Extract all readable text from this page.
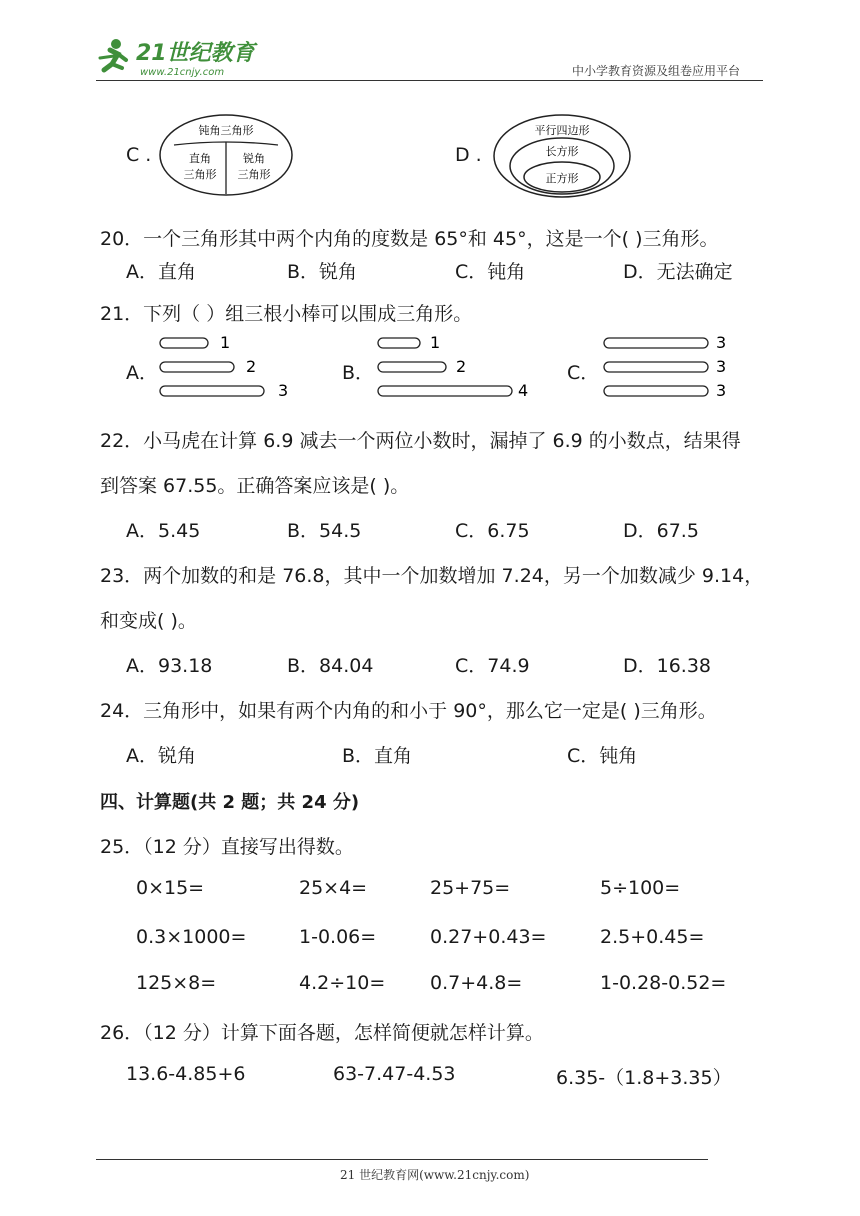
21世纪教育
www.21cnjy.com	中小学教育资源及组卷应用平台
C .
钝角三角形
直角
三角形
锐角
三角形
D .
平行四边形
长方形
正方形
20．一个三角形其中两个内角的度数是 65°和 45°，这是一个( )三角形。
A．直角	B．锐角	C．钝角	D．无法确定
21．下列（ ）组三根小棒可以围成三角形。
A．
1
2
3
B．
1
2
4
C．
3
3
3
22．小马虎在计算 6.9 减去一个两位小数时，漏掉了 6.9 的小数点，结果得
到答案 67.55。正确答案应该是( )。
A．5.45	B．54.5	C．6.75	D．67.5
23．两个加数的和是 76.8，其中一个加数增加 7.24，另一个加数减少 9.14，
和变成( )。
A．93.18	B．84.04	C．74.9	D．16.38
24．三角形中，如果有两个内角的和小于 90°，那么它一定是( )三角形。
A．锐角	B．直角	C．钝角
四、计算题(共 2 题；共 24 分)
25．（12 分）直接写出得数。
0×15=	25×4=	25+75=	5÷100=
0.3×1000=	1-0.06=	0.27+0.43=	2.5+0.45=
125×8=	4.2÷10= 0.7+4.8=	1-0.28-0.52=
26．（12 分）计算下面各题，怎样简便就怎样计算。
13.6-4.85+6	63-7.47-4.53	6.35-（1.8+3.35）
21 世纪教育网(www.21cnjy.com)
